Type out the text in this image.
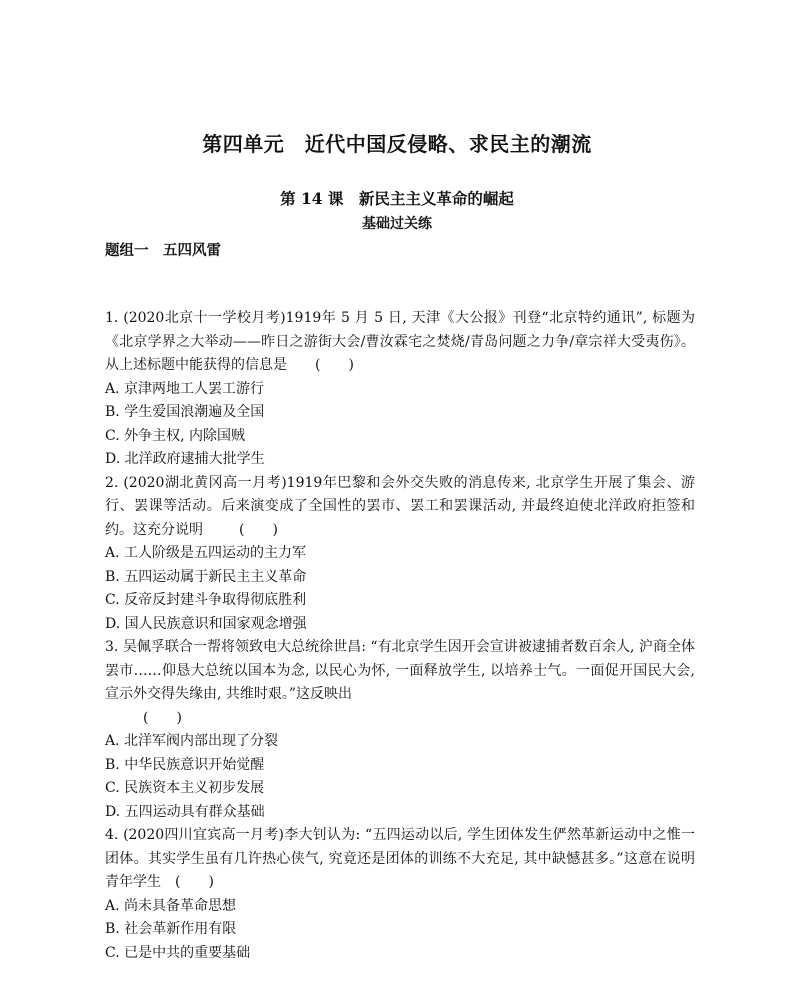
第四单元　近代中国反侵略、求民主的潮流
第 14 课　新民主主义革命的崛起
基础过关练
题组一　五四风雷

1. (2020北京十一学校月考)1919年 5 月 5 日, 天津《大公报》刊登“北京特约通讯”, 标题为《北京学界之大举动——昨日之游街大会/曹汝霖宅之焚烧/青岛问题之力争/章宗祥大受夷伤》。从上述标题中能获得的信息是 (　　)

A. 京津两地工人罢工游行

B. 学生爱国浪潮遍及全国

C. 外争主权, 内除国贼

D. 北洋政府逮捕大批学生

2. (2020湖北黄冈高一月考)1919年巴黎和会外交失败的消息传来, 北京学生开展了集会、游行、罢课等活动。后来演变成了全国性的罢市、罢工和罢课活动, 并最终迫使北洋政府拒签和约。这充分说明	(　　)

A. 工人阶级是五四运动的主力军

B. 五四运动属于新民主主义革命

C. 反帝反封建斗争取得彻底胜利

D. 国人民族意识和国家观念增强

3. 吴佩孚联合一帮将领致电大总统徐世昌: “有北京学生因开会宣讲被逮捕者数百余人, 沪商全体罢市……仰恳大总统以国本为念, 以民心为怀, 一面释放学生, 以培养士气。一面促开国民大会, 宣示外交得失缘由, 共维时艰。”这反映出
(　　)

A. 北洋军阀内部出现了分裂

B. 中华民族意识开始觉醒

C. 民族资本主义初步发展

D. 五四运动具有群众基础

4. (2020四川宜宾高一月考)李大钊认为: “五四运动以后, 学生团体发生俨然革新运动中之惟一团体。其实学生虽有几许热心侠气, 究竟还是团体的训练不大充足, 其中缺憾甚多。”这意在说明青年学生 (　　)

A. 尚未具备革命思想

B. 社会革新作用有限

C. 已是中共的重要基础
